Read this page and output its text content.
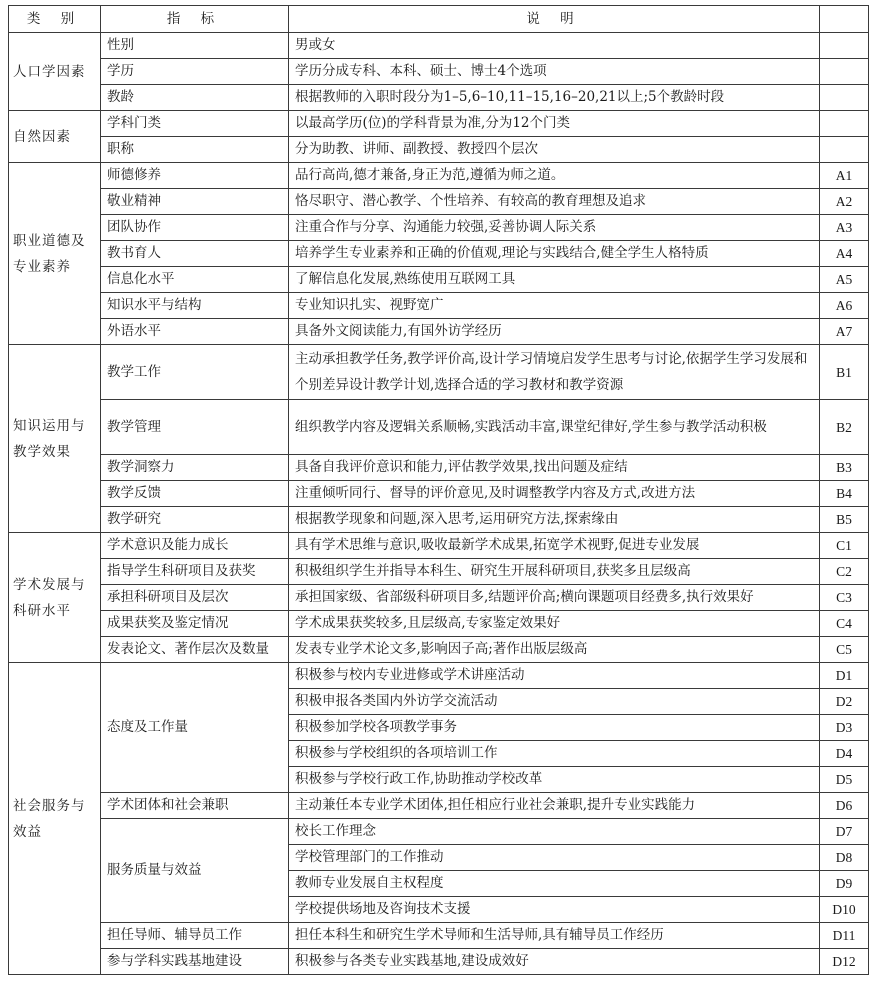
类 别	指 标	说 明	
人口学因素	性别	男或女	
	学历	学历分成专科、本科、硕士、博士4个选项	
	教龄	根据教师的入职时段分为1–5,6–10,11–15,16–20,21以上;5个教龄时段	
自然因素	学科门类	以最高学历(位)的学科背景为准,分为12个门类	
	职称	分为助教、讲师、副教授、教授四个层次	
职业道德及专业素养	师德修养	品行高尚,德才兼备,身正为范,遵循为师之道。	A1
	敬业精神	恪尽职守、潜心教学、个性培养、有较高的教育理想及追求	A2
	团队协作	注重合作与分享、沟通能力较强,妥善协调人际关系	A3
	教书育人	培养学生专业素养和正确的价值观,理论与实践结合,健全学生人格特质	A4
	信息化水平	了解信息化发展,熟练使用互联网工具	A5
	知识水平与结构	专业知识扎实、视野宽广	A6
	外语水平	具备外文阅读能力,有国外访学经历	A7
知识运用与教学效果	教学工作	主动承担教学任务,教学评价高,设计学习情境启发学生思考与讨论,依据学生学习发展和个别差异设计教学计划,选择合适的学习教材和教学资源	B1
	教学管理	组织教学内容及逻辑关系顺畅,实践活动丰富,课堂纪律好,学生参与教学活动积极	B2
	教学洞察力	具备自我评价意识和能力,评估教学效果,找出问题及症结	B3
	教学反馈	注重倾听同行、督导的评价意见,及时调整教学内容及方式,改进方法	B4
	教学研究	根据教学现象和问题,深入思考,运用研究方法,探索缘由	B5
学术发展与科研水平	学术意识及能力成长	具有学术思维与意识,吸收最新学术成果,拓宽学术视野,促进专业发展	C1
	指导学生科研项目及获奖	积极组织学生并指导本科生、研究生开展科研项目,获奖多且层级高	C2
	承担科研项目及层次	承担国家级、省部级科研项目多,结题评价高;横向课题项目经费多,执行效果好	C3
	成果获奖及鉴定情况	学术成果获奖较多,且层级高,专家鉴定效果好	C4
	发表论文、著作层次及数量	发表专业学术论文多,影响因子高;著作出版层级高	C5
社会服务与效益	态度及工作量	积极参与校内专业进修或学术讲座活动	D1
		积极申报各类国内外访学交流活动	D2
		积极参加学校各项教学事务	D3
		积极参与学校组织的各项培训工作	D4
		积极参与学校行政工作,协助推动学校改革	D5
	学术团体和社会兼职	主动兼任本专业学术团体,担任相应行业社会兼职,提升专业实践能力	D6
	服务质量与效益	校长工作理念	D7
		学校管理部门的工作推动	D8
		教师专业发展自主权程度	D9
		学校提供场地及咨询技术支援	D10
	担任导师、辅导员工作	担任本科生和研究生学术导师和生活导师,具有辅导员工作经历	D11
	参与学科实践基地建设	积极参与各类专业实践基地,建设成效好	D12
